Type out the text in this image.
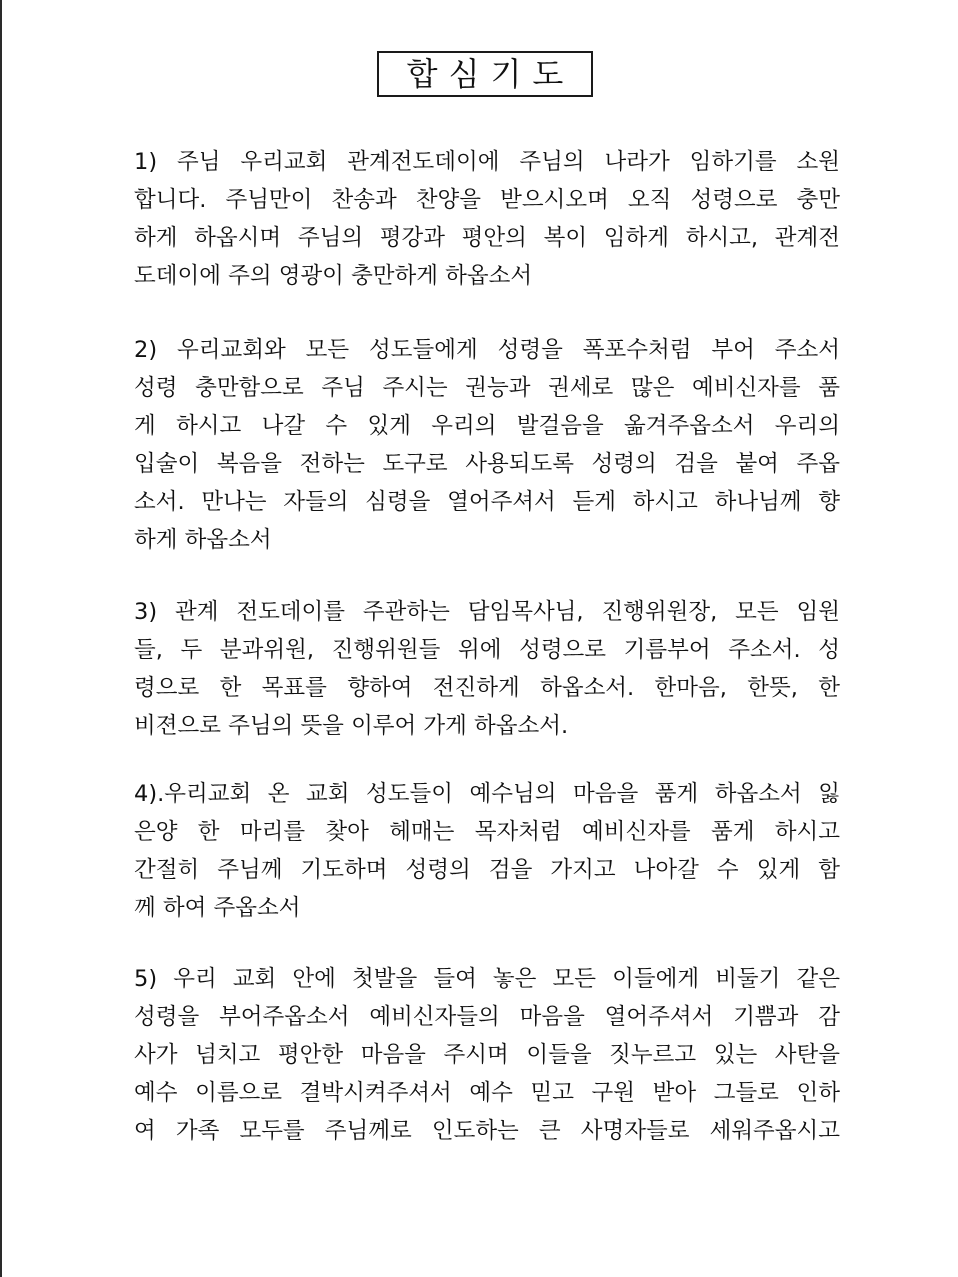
합심기도
1) 주님 우리교회 관계전도데이에 주님의 나라가 임하기를 소원
합니다. 주님만이 찬송과 찬양을 받으시오며 오직 성령으로 충만
하게 하옵시며 주님의 평강과 평안의 복이 임하게 하시고, 관계전
도데이에 주의 영광이 충만하게 하옵소서
2) 우리교회와 모든 성도들에게 성령을 폭포수처럼 부어 주소서
성령 충만함으로 주님 주시는 권능과 권세로 많은 예비신자를 품
게 하시고 나갈 수 있게 우리의 발걸음을 옮겨주옵소서 우리의
입술이 복음을 전하는 도구로 사용되도록 성령의 검을 붙여 주옵
소서. 만나는 자들의 심령을 열어주셔서 듣게 하시고 하나님께 향
하게 하옵소서
3) 관계 전도데이를 주관하는 담임목사님, 진행위원장, 모든 임원
들, 두 분과위원, 진행위원들 위에 성령으로 기름부어 주소서. 성
령으로 한 목표를 향하여 전진하게 하옵소서. 한마음, 한뜻, 한
비젼으로 주님의 뜻을 이루어 가게 하옵소서.
4).우리교회 온 교회 성도들이 예수님의 마음을 품게 하옵소서 잃
은양 한 마리를 찾아 헤매는 목자처럼 예비신자를 품게 하시고
간절히 주님께 기도하며 성령의 검을 가지고 나아갈 수 있게 함
께 하여 주옵소서
5) 우리 교회 안에 첫발을 들여 놓은 모든 이들에게 비둘기 같은
성령을 부어주옵소서 예비신자들의 마음을 열어주셔서 기쁨과 감
사가 넘치고 평안한 마음을 주시며 이들을 짓누르고 있는 사탄을
예수 이름으로 결박시켜주셔서 예수 믿고 구원 받아 그들로 인하
여 가족 모두를 주님께로 인도하는 큰 사명자들로 세워주옵시고
